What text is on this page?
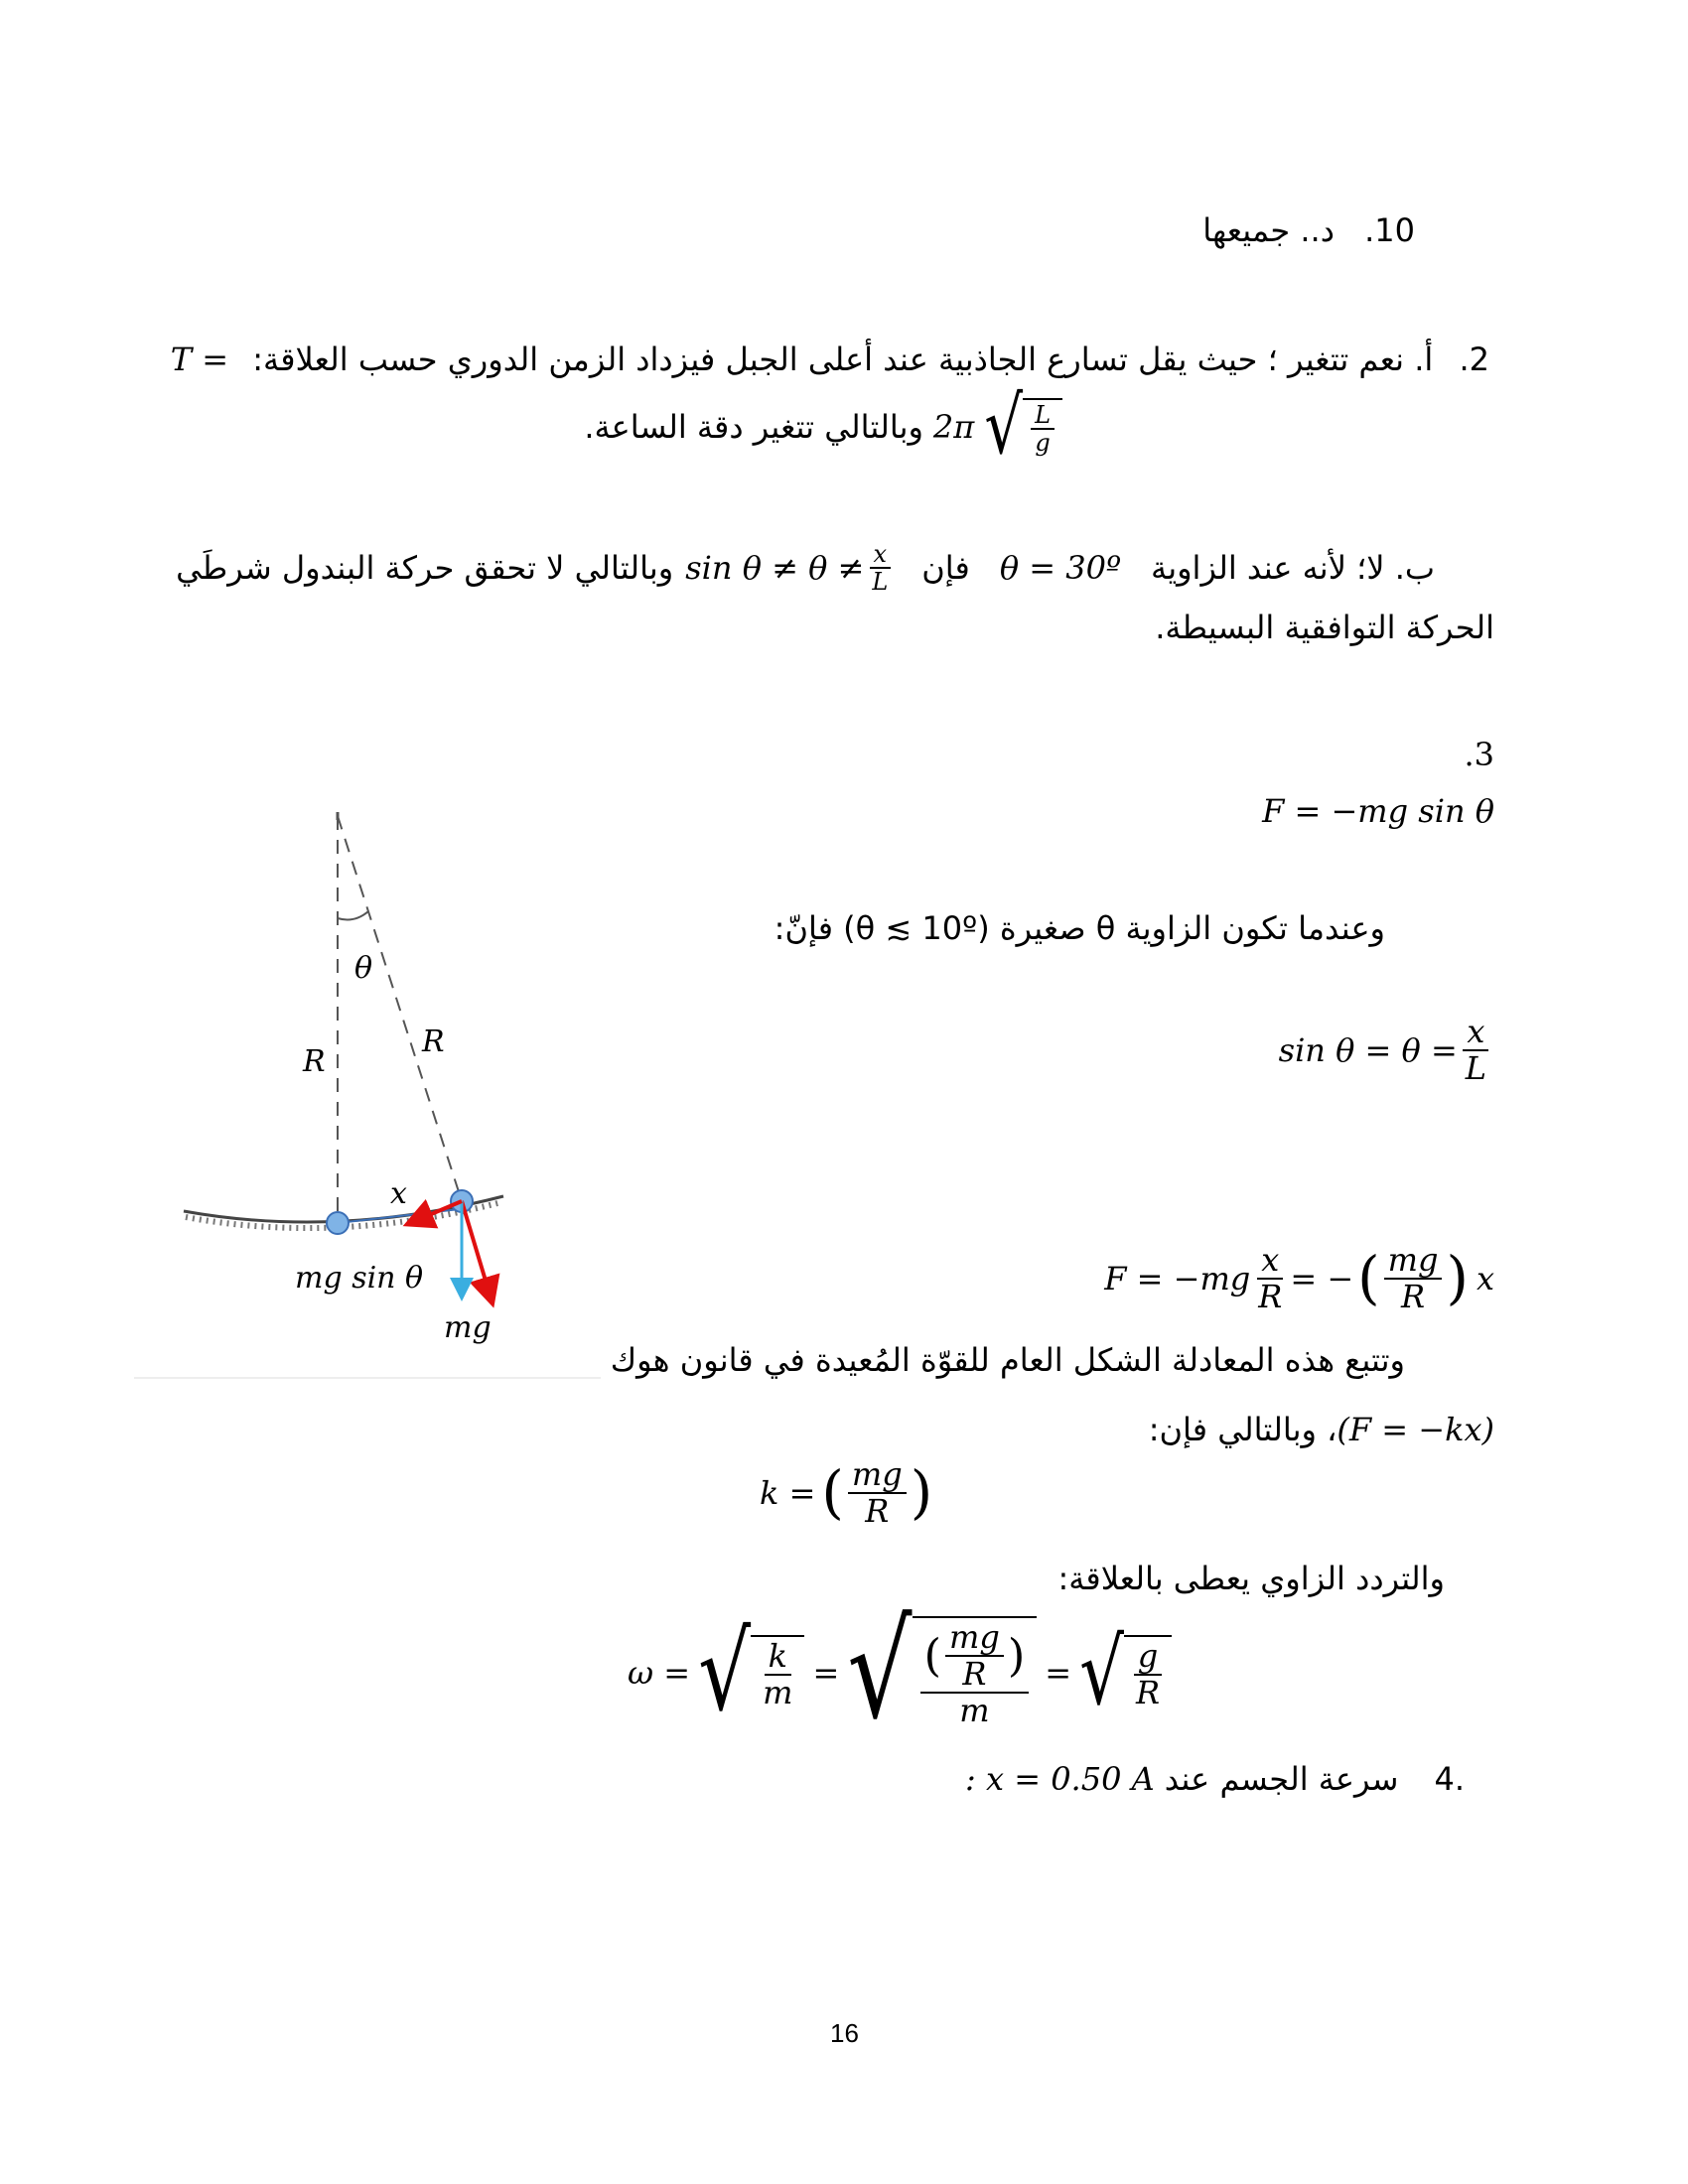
10. د.. جميعها
2. أ. نعم تتغير ؛ حيث يقل تسارع الجاذبية عند أعلى الجبل فيزداد الزمن الدوري حسب العلاقة: T =
√ $\frac{L}{g}$
2π
وبالتالي تتغير دقة الساعة.
ب. لا؛ لأنه عند الزاوية
θ = 30º
فإن
$\sin \theta \ne \theta \ne \frac{x}{L}$
وبالتالي لا تحقق حركة البندول شرطَي
الحركة التوافقية البسيطة.
.3
F = −mg sin θ
وعندما تكون الزاوية θ صغيرة (θ ≲ 10º) فإنّ:
$\sin \theta = \theta = \frac{x}{L}$
$F = -mg \frac{x}{R}$ = − ( $\frac{mg}{R}$ ) x
وتتبع هذه المعادلة الشكل العام للقوّة المُعيدة في قانون هوك
(F = −kx)
، وبالتالي فإن:
k = ( $\frac{mg}{R}$ )
والتردد الزاوي يعطى بالعلاقة:
ω = √ $\frac{k}{m}$ = √ ( $\frac{mg}{R}$ )
m
= √ $\frac{g}{R}$
.4
سرعة الجسم عند
: x = 0.50 A
θ
R
R
x
mg sin θ
mg
16
